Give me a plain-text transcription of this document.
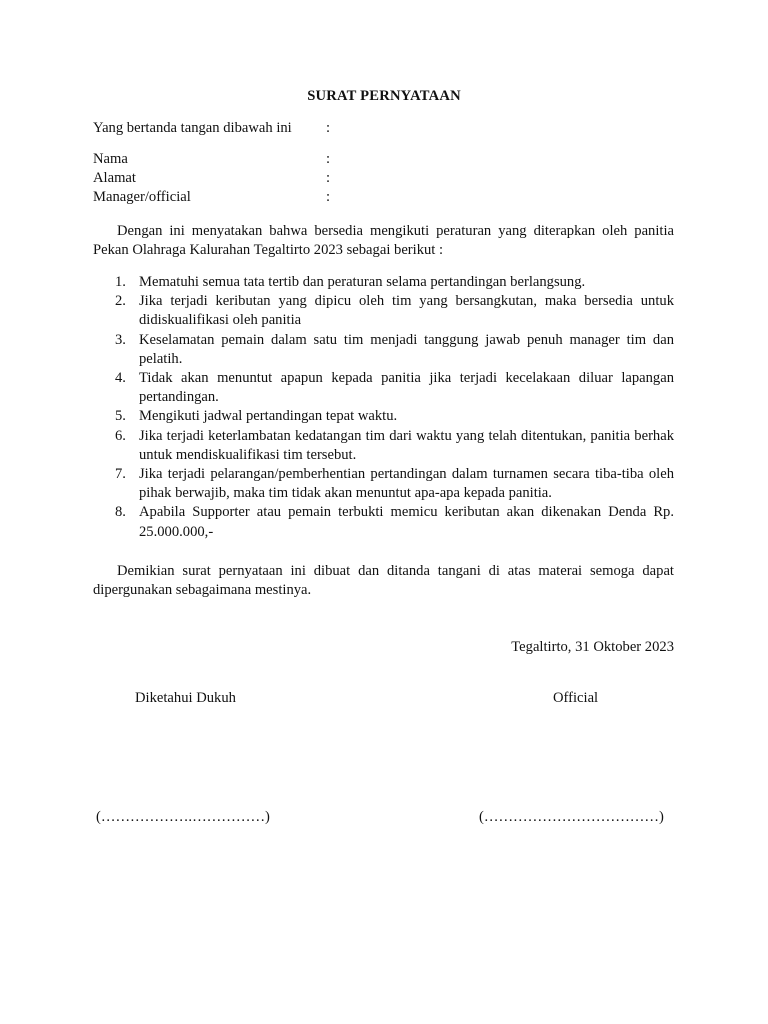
SURAT PERNYATAAN
Yang bertanda tangan dibawah ini :
Nama	:
Alamat	:
Manager/official	:

Dengan ini menyatakan bahwa bersedia mengikuti peraturan yang diterapkan oleh panitia Pekan Olahraga Kalurahan Tegaltirto 2023 sebagai berikut :

1. Mematuhi semua tata tertib dan peraturan selama pertandingan berlangsung.
2. Jika terjadi keributan yang dipicu oleh tim yang bersangkutan, maka bersedia untuk didiskualifikasi oleh panitia
3. Keselamatan pemain dalam satu tim menjadi tanggung jawab penuh manager tim dan pelatih.
4. Tidak akan menuntut apapun kepada panitia jika terjadi kecelakaan diluar lapangan pertandingan.
5. Mengikuti jadwal pertandingan tepat waktu.
6. Jika terjadi keterlambatan kedatangan tim dari waktu yang telah ditentukan, panitia berhak untuk mendiskualifikasi tim tersebut.
7. Jika terjadi pelarangan/pemberhentian pertandingan dalam turnamen secara tiba-tiba oleh pihak berwajib, maka tim tidak akan menuntut apa-apa kepada panitia.
8. Apabila Supporter atau pemain terbukti memicu keributan akan dikenakan Denda Rp. 25.000.000,-

Demikian surat pernyataan ini dibuat dan ditanda tangani di atas materai semoga dapat dipergunakan sebagaimana mestinya.

Tegaltirto, 31 Oktober 2023
Diketahui Dukuh	Official
(……………….……………)	(………………………………)
